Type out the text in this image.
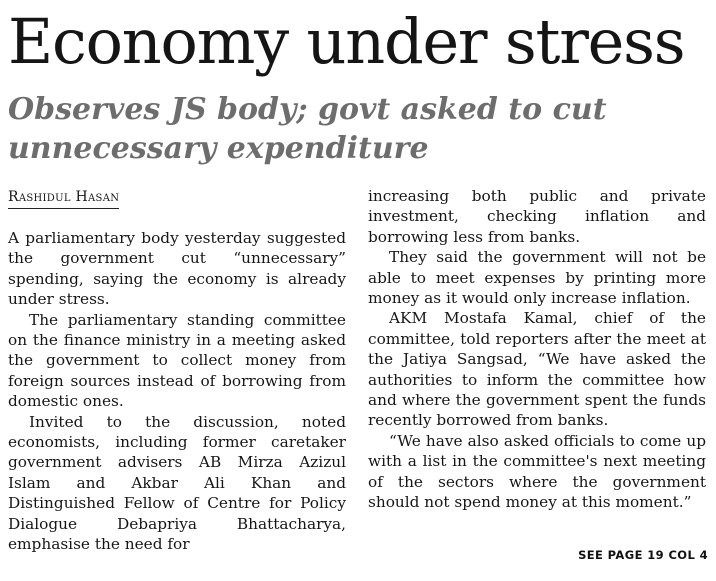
Economy under stress
Observes JS body; govt asked to cut unnecessary expenditure
Rashidul Hasan

A parliamentary body yesterday suggested the government cut “unnecessary” spending, saying the economy is already under stress.

The parliamentary standing committee on the finance ministry in a meeting asked the government to collect money from foreign sources instead of borrowing from domestic ones.

Invited to the discussion, noted economists, including former caretaker government advisers AB Mirza Azizul Islam and Akbar Ali Khan and Distinguished Fellow of Centre for Policy Dialogue Debapriya Bhattacharya, emphasise the need for

increasing both public and private investment, checking inflation and borrowing less from banks.

They said the government will not be able to meet expenses by printing more money as it would only increase inflation.

AKM Mostafa Kamal, chief of the committee, told reporters after the meet at the Jatiya Sangsad, “We have asked the authorities to inform the committee how and where the government spent the funds recently borrowed from banks.

“We have also asked officials to come up with a list in the committee's next meeting of the sectors where the government should not spend money at this moment.”

SEE PAGE 19 COL 4
